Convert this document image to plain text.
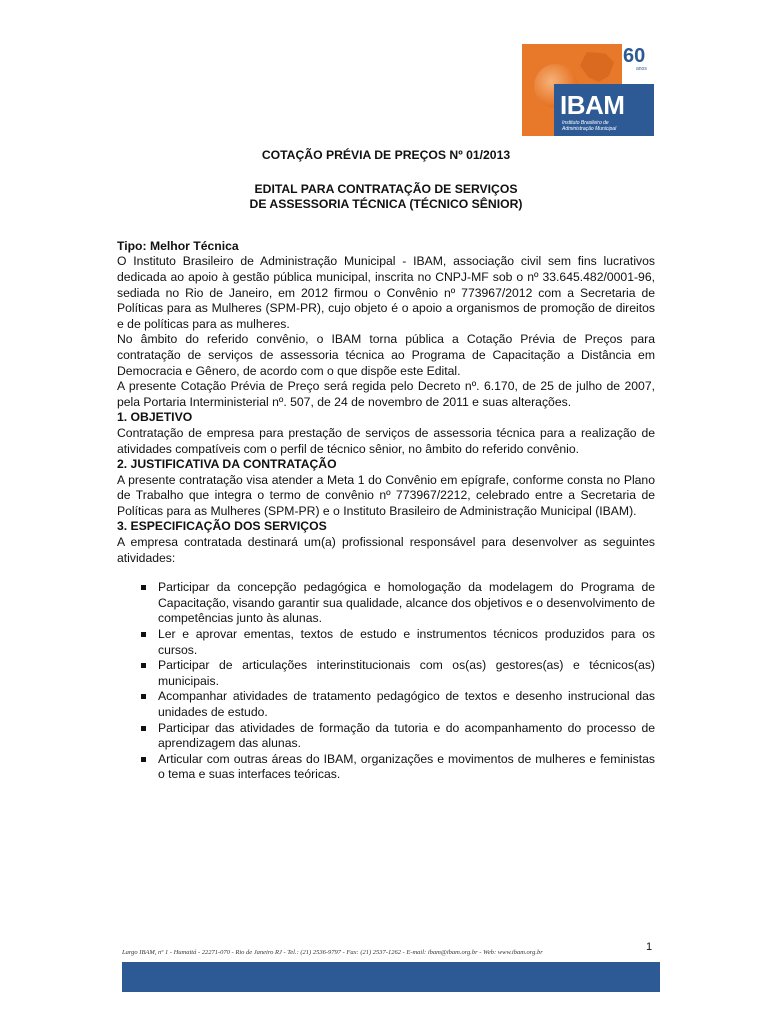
IBAM
Instituto Brasileiro de Administração Municipal
60
anos

COTAÇÃO PRÉVIA DE PREÇOS Nº 01/2013

EDITAL PARA CONTRATAÇÃO DE SERVIÇOS

DE ASSESSORIA TÉCNICA (TÉCNICO SÊNIOR)

Tipo: Melhor Técnica

O Instituto Brasileiro de Administração Municipal - IBAM, associação civil sem fins lucrativos dedicada ao apoio à gestão pública municipal, inscrita no CNPJ-MF sob o nº 33.645.482/0001-96, sediada no Rio de Janeiro, em 2012 firmou o Convênio nº 773967/2012 com a Secretaria de Políticas para as Mulheres (SPM-PR), cujo objeto é o apoio a organismos de promoção de direitos e de políticas para as mulheres.

No âmbito do referido convênio, o IBAM torna pública a Cotação Prévia de Preços para contratação de serviços de assessoria técnica ao Programa de Capacitação a Distância em Democracia e Gênero, de acordo com o que dispõe este Edital.

A presente Cotação Prévia de Preço será regida pelo Decreto nº. 6.170, de 25 de julho de 2007, pela Portaria Interministerial nº. 507, de 24 de novembro de 2011 e suas alterações.

1. OBJETIVO

Contratação de empresa para prestação de serviços de assessoria técnica para a realização de atividades compatíveis com o perfil de técnico sênior, no âmbito do referido convênio.

2. JUSTIFICATIVA DA CONTRATAÇÃO

A presente contratação visa atender a Meta 1 do Convênio em epígrafe, conforme consta no Plano de Trabalho que integra o termo de convênio nº 773967/2212, celebrado entre a Secretaria de Políticas para as Mulheres (SPM-PR) e o Instituto Brasileiro de Administração Municipal (IBAM).

3. ESPECIFICAÇÃO DOS SERVIÇOS

A empresa contratada destinará um(a) profissional responsável para desenvolver as seguintes atividades:

Participar da concepção pedagógica e homologação da modelagem do Programa de Capacitação, visando garantir sua qualidade, alcance dos objetivos e o desenvolvimento de competências junto às alunas.
Ler e aprovar ementas, textos de estudo e instrumentos técnicos produzidos para os cursos.
Participar de articulações interinstitucionais com os(as) gestores(as) e técnicos(as) municipais.
Acompanhar atividades de tratamento pedagógico de textos e desenho instrucional das unidades de estudo.
Participar das atividades de formação da tutoria e do acompanhamento do processo de aprendizagem das alunas.
Articular com outras áreas do IBAM, organizações e movimentos de mulheres e feministas o tema e suas interfaces teóricas.
1
Largo IBAM, nº 1 - Humaitá - 22271-070 - Rio de Janeiro RJ - Tel.: (21) 2536-9797 - Fax: (21) 2537-1262 - E-mail: ibam@ibam.org.br - Web: www.ibam.org.br
